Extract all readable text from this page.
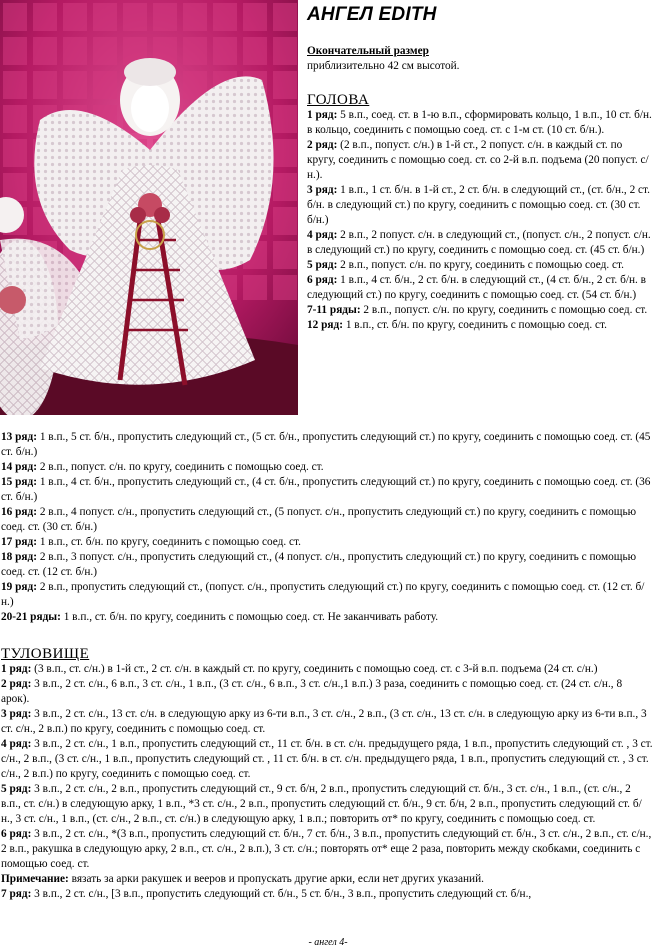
АНГЕЛ EDITH
Окончательный размер
приблизительно 42 см высотой.
ГОЛОВА
1 ряд: 5 в.п., соед. ст. в 1-ю в.п., сформировать кольцо, 1 в.п., 10 ст. б/н. в кольцо, соединить с помощью соед. ст. с 1-м ст. (10 ст. б/н.).
2 ряд: (2 в.п., попуст. с/н.) в 1-й ст., 2 попуст. с/н. в каждый ст. по кругу, соединить с помощью соед. ст. со 2-й в.п. подъема (20 попуст. с/н.).
3 ряд: 1 в.п., 1 ст. б/н. в 1-й ст., 2 ст. б/н. в следующий ст., (ст. б/н., 2 ст. б/н. в следующий ст.) по кругу, соединить с помощью соед. ст. (30 ст. б/н.)
4 ряд: 2 в.п., 2 попуст. с/н. в следующий ст., (попуст. с/н., 2 попуст. с/н. в следующий ст.) по кругу, соединить с помощью соед. ст. (45 ст. б/н.)
5 ряд: 2 в.п., попуст. с/н. по кругу, соединить с помощью соед. ст.
6 ряд: 1 в.п., 4 ст. б/н., 2 ст. б/н. в следующий ст., (4 ст. б/н., 2 ст. б/н. в следующий ст.) по кругу, соединить с помощью соед. ст. (54 ст. б/н.)
7-11 ряды: 2 в.п., попуст. с/н. по кругу, соединить с помощью соед. ст.
12 ряд: 1 в.п., ст. б/н. по кругу, соединить с помощью соед. ст.
13 ряд: 1 в.п., 5 ст. б/н., пропустить следующий ст., (5 ст. б/н., пропустить следующий ст.) по кругу, соединить с помощью соед. ст. (45 ст. б/н.)
14 ряд: 2 в.п., попуст. с/н. по кругу, соединить с помощью соед. ст.
15 ряд: 1 в.п., 4 ст. б/н., пропустить следующий ст., (4 ст. б/н., пропустить следующий ст.) по кругу, соединить с помощью соед. ст. (36 ст. б/н.)
16 ряд: 2 в.п., 4 попуст. с/н., пропустить следующий ст., (5 попуст. с/н., пропустить следующий ст.) по кругу, соединить с помощью соед. ст. (30 ст. б/н.)
17 ряд: 1 в.п., ст. б/н. по кругу, соединить с помощью соед. ст.
18 ряд: 2 в.п., 3 попуст. с/н., пропустить следующий ст., (4 попуст. с/н., пропустить следующий ст.) по кругу, соединить с помощью соед. ст. (12 ст. б/н.)
19 ряд: 2 в.п., пропустить следующий ст., (попуст. с/н., пропустить следующий ст.) по кругу, соединить с помощью соед. ст. (12 ст. б/н.)
20-21 ряды: 1 в.п., ст. б/н. по кругу, соединить с помощью соед. ст. Не заканчивать работу.
ТУЛОВИЩЕ
1 ряд: (3 в.п., ст. с/н.) в 1-й ст., 2 ст. с/н. в каждый ст. по кругу, соединить с помощью соед. ст. с 3-й в.п. подъема (24 ст. с/н.)
2 ряд: 3 в.п., 2 ст. с/н., 6 в.п., 3 ст. с/н., 1 в.п., (3 ст. с/н., 6 в.п., 3 ст. с/н.,1 в.п.) 3 раза, соединить с помощью соед. ст. (24 ст. с/н., 8 арок).
3 ряд: 3 в.п., 2 ст. с/н., 13 ст. с/н. в следующую арку из 6-ти в.п., 3 ст. с/н., 2 в.п., (3 ст. с/н., 13 ст. с/н. в следующую арку из 6-ти в.п., 3 ст. с/н., 2 в.п.) по кругу, соединить с помощью соед. ст.
4 ряд: 3 в.п., 2 ст. с/н., 1 в.п., пропустить следующий ст., 11 ст. б/н. в ст. с/н. предыдущего ряда, 1 в.п., пропустить следующий ст. , 3 ст. с/н., 2 в.п., (3 ст. с/н., 1 в.п., пропустить следующий ст. , 11 ст. б/н. в ст. с/н. предыдущего ряда, 1 в.п., пропустить следующий ст. , 3 ст. с/н., 2 в.п.) по кругу, соединить с помощью соед. ст.
5 ряд: 3 в.п., 2 ст. с/н., 2 в.п., пропустить следующий ст., 9 ст. б/н, 2 в.п., пропустить следующий ст. б/н., 3 ст. с/н., 1 в.п., (ст. с/н., 2 в.п., ст. с/н.) в следующую арку, 1 в.п., *3 ст. с/н., 2 в.п., пропустить следующий ст. б/н., 9 ст. б/н, 2 в.п., пропустить следующий ст. б/н., 3 ст. с/н., 1 в.п., (ст. с/н., 2 в.п., ст. с/н.) в следующую арку, 1 в.п.; повторить от* по кругу, соединить с помощью соед. ст.
6 ряд: 3 в.п., 2 ст. с/н., *(3 в.п., пропустить следующий ст. б/н., 7 ст. б/н., 3 в.п., пропустить следующий ст. б/н., 3 ст. с/н., 2 в.п., ст. с/н., 2 в.п., ракушка в следующую арку, 2 в.п., ст. с/н., 2 в.п.), 3 ст. с/н.; повторять от* еще 2 раза, повторить между скобками, соединить с помощью соед. ст.
Примечание: вязать за арки ракушек и вееров и пропускать другие арки, если нет других указаний.
7 ряд: 3 в.п., 2 ст. с/н., [3 в.п., пропустить следующий ст. б/н., 5 ст. б/н., 3 в.п., пропустить следующий ст. б/н.,
- ангел 4-
